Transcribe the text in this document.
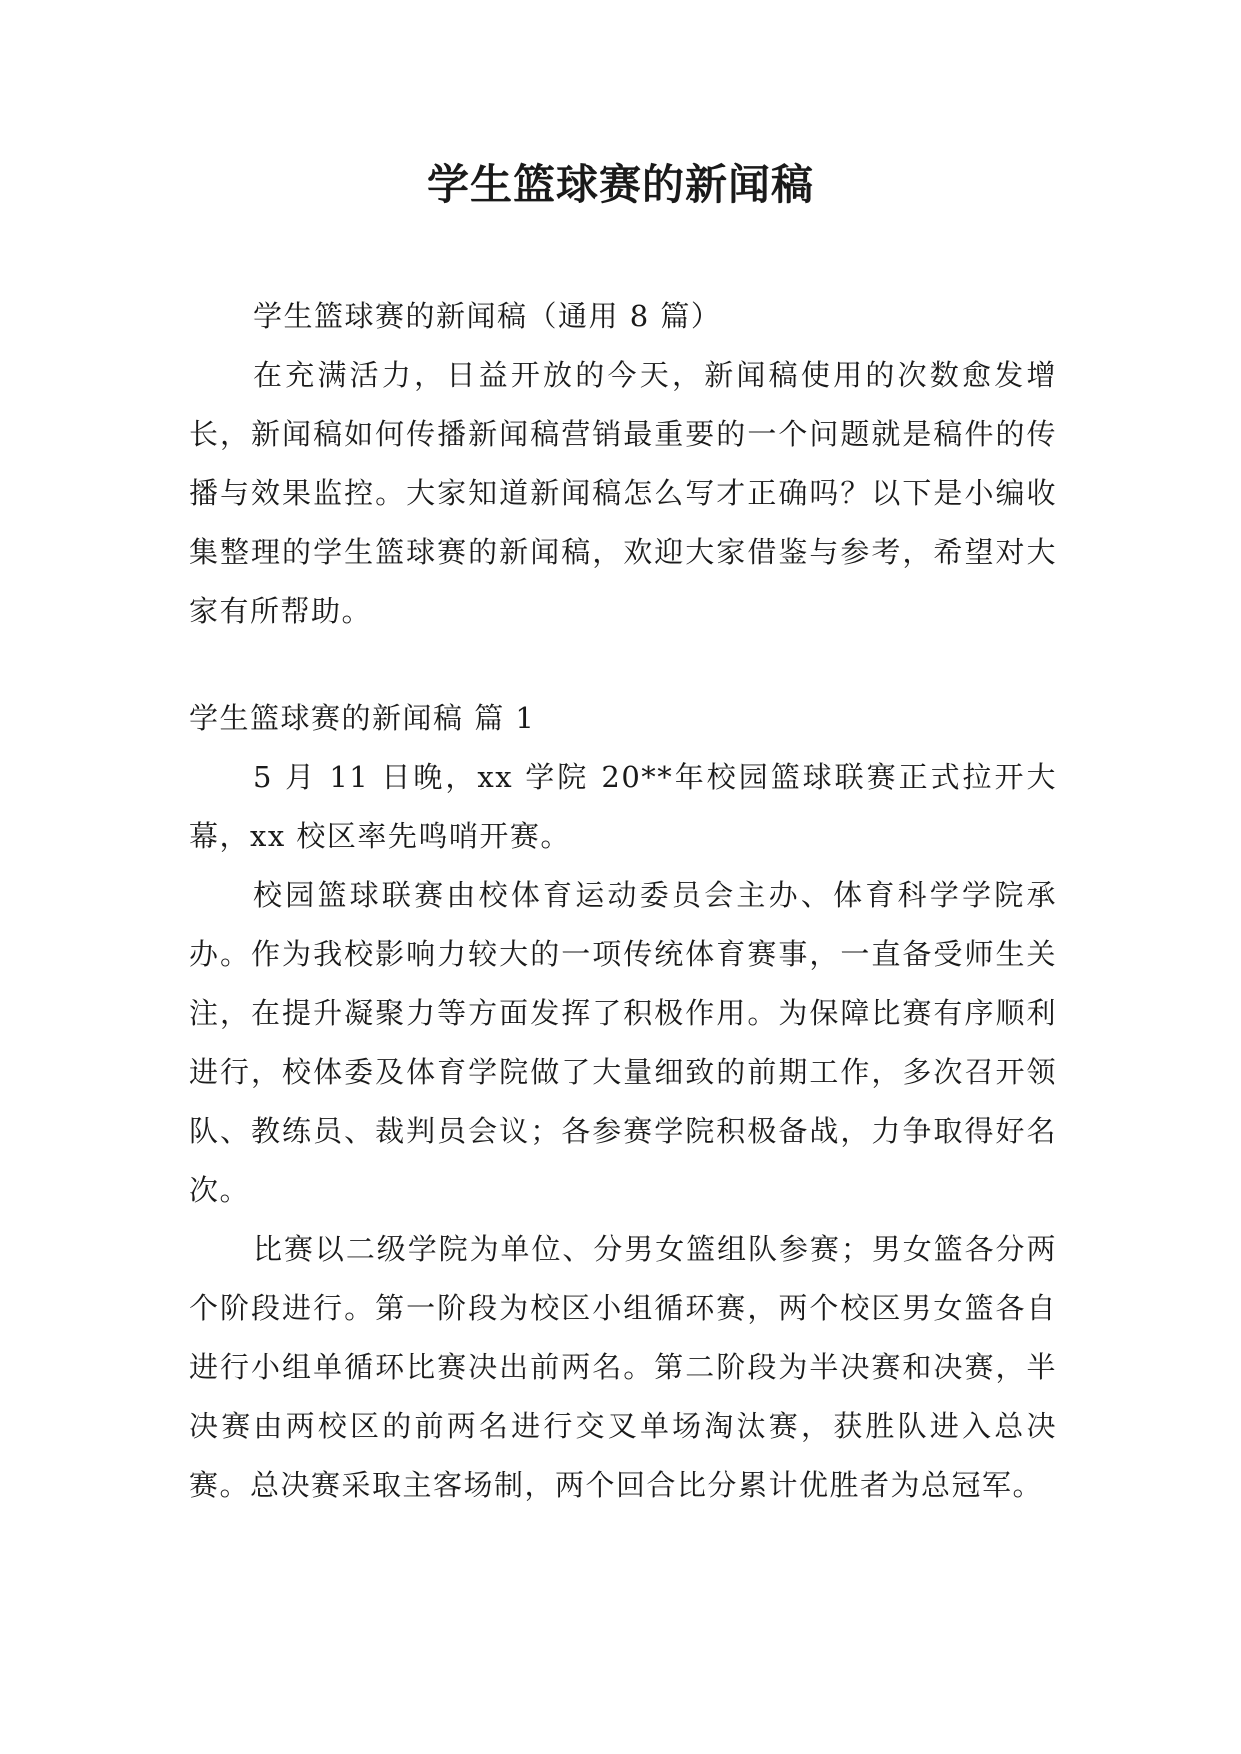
学生篮球赛的新闻稿

学生篮球赛的新闻稿（通用 8 篇）

在充满活力，日益开放的今天，新闻稿使用的次数愈发增长，新闻稿如何传播新闻稿营销最重要的一个问题就是稿件的传播与效果监控。大家知道新闻稿怎么写才正确吗？以下是小编收集整理的学生篮球赛的新闻稿，欢迎大家借鉴与参考，希望对大家有所帮助。

学生篮球赛的新闻稿 篇 1

5 月 11 日晚，xx 学院 20**年校园篮球联赛正式拉开大幕，xx 校区率先鸣哨开赛。

校园篮球联赛由校体育运动委员会主办、体育科学学院承办。作为我校影响力较大的一项传统体育赛事，一直备受师生关注，在提升凝聚力等方面发挥了积极作用。为保障比赛有序顺利进行，校体委及体育学院做了大量细致的前期工作，多次召开领队、教练员、裁判员会议；各参赛学院积极备战，力争取得好名次。

比赛以二级学院为单位、分男女篮组队参赛；男女篮各分两个阶段进行。第一阶段为校区小组循环赛，两个校区男女篮各自进行小组单循环比赛决出前两名。第二阶段为半决赛和决赛，半决赛由两校区的前两名进行交叉单场淘汰赛，获胜队进入总决赛。总决赛采取主客场制，两个回合比分累计优胜者为总冠军。
